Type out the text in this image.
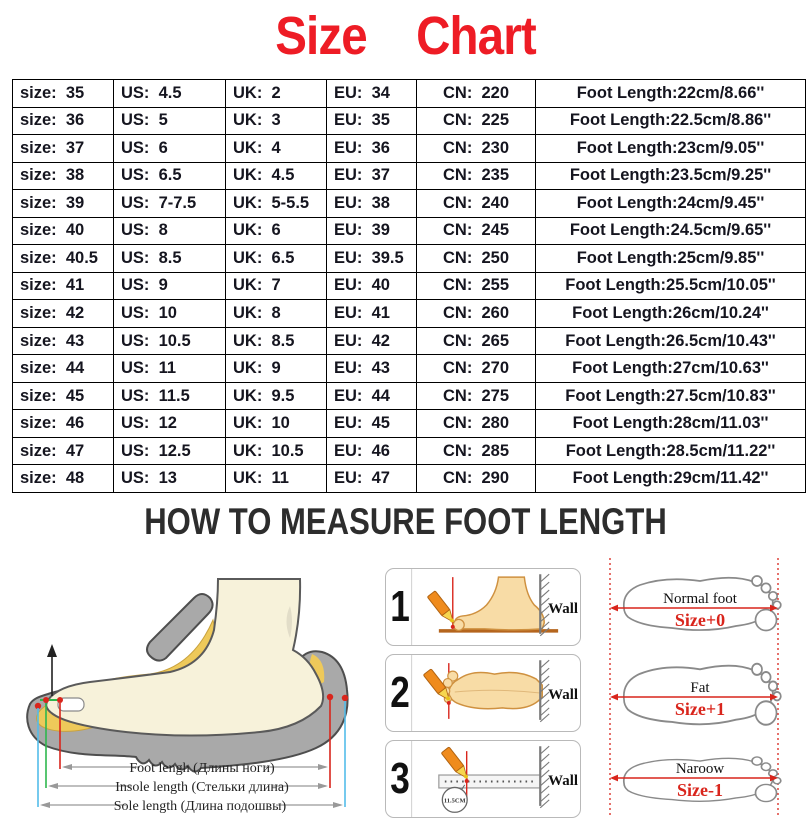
Size    Chart
size:  35	US:  4.5	UK:  2	EU:  34	CN:  220	Foot Length:22cm/8.66''
size:  36	US:  5	UK:  3	EU:  35	CN:  225	Foot Length:22.5cm/8.86''
size:  37	US:  6	UK:  4	EU:  36	CN:  230	Foot Length:23cm/9.05''
size:  38	US:  6.5	UK:  4.5	EU:  37	CN:  235	Foot Length:23.5cm/9.25''
size:  39	US:  7-7.5	UK:  5-5.5	EU:  38	CN:  240	Foot Length:24cm/9.45''
size:  40	US:  8	UK:  6	EU:  39	CN:  245	Foot Length:24.5cm/9.65''
size:  40.5	US:  8.5	UK:  6.5	EU:  39.5	CN:  250	Foot Length:25cm/9.85''
size:  41	US:  9	UK:  7	EU:  40	CN:  255	Foot Length:25.5cm/10.05''
size:  42	US:  10	UK:  8	EU:  41	CN:  260	Foot Length:26cm/10.24''
size:  43	US:  10.5	UK:  8.5	EU:  42	CN:  265	Foot Length:26.5cm/10.43''
size:  44	US:  11	UK:  9	EU:  43	CN:  270	Foot Length:27cm/10.63''
size:  45	US:  11.5	UK:  9.5	EU:  44	CN:  275	Foot Length:27.5cm/10.83''
size:  46	US:  12	UK:  10	EU:  45	CN:  280	Foot Length:28cm/11.03''
size:  47	US:  12.5	UK:  10.5	EU:  46	CN:  285	Foot Length:28.5cm/11.22''
size:  48	US:  13	UK:  11	EU:  47	CN:  290	Foot Length:29cm/11.42''
HOW TO MEASURE FOOT LENGTH
Foot lengh (Длины ноги)
Insole length (Стельки длина)
Sole length (Длина подошвы)
1	Wall
2	Wall
3	11.5CM
Wall
Normal foot
Size+0
Fat
Size+1
Naroow
Size-1
